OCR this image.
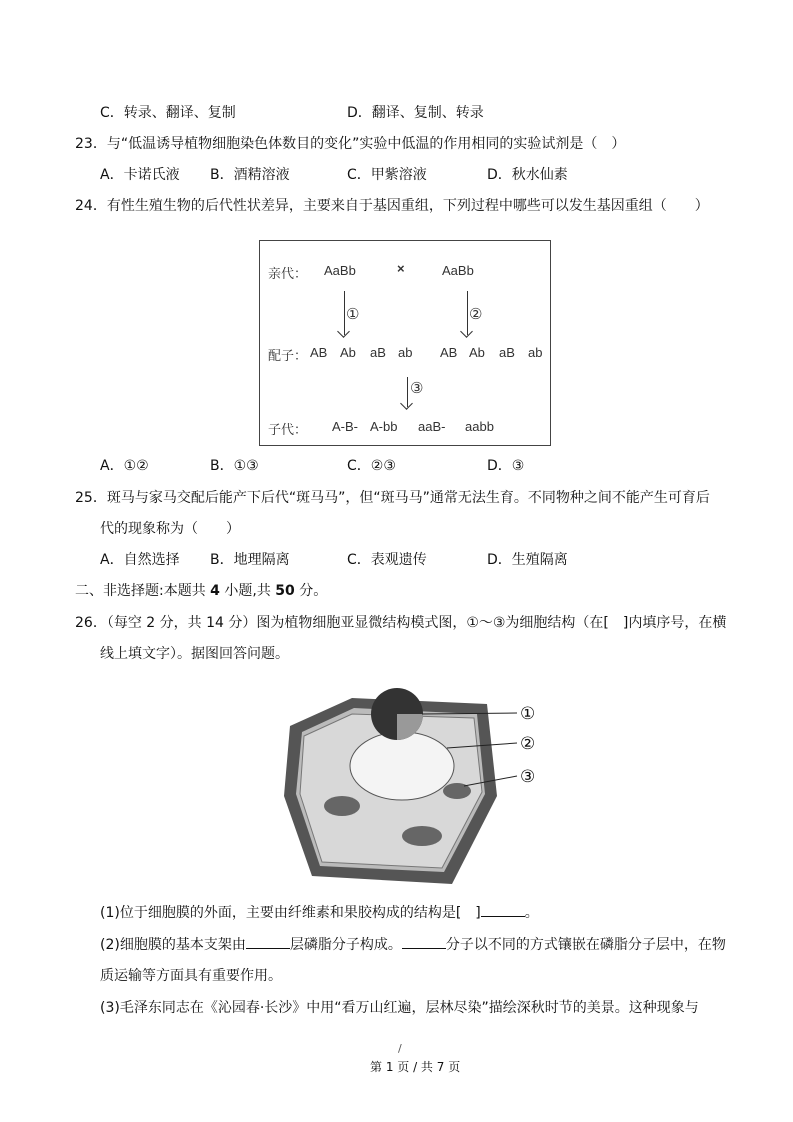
C．转录、翻译、复制	D．翻译、复制、转录
23．与“低温诱导植物细胞染色体数目的变化”实验中低温的作用相同的实验试剂是（　）
A．卡诺氏液 B．酒精溶液	C．甲紫溶液	D．秋水仙素
24．有性生殖生物的后代性状差异，主要来自于基因重组，下列过程中哪些可以发生基因重组（　　）
亲代： AaBb	×	AaBb
①	②
配子： AB Ab aB ab AB Ab aB ab
③
子代： A-B- A-bb aaB- aabb
A．①②	B．①③	C．②③	D．③
25．斑马与家马交配后能产下后代“斑马马”，但“斑马马”通常无法生育。不同物种之间不能产生可育后
代的现象称为（　　）
A．自然选择 B．地理隔离	C．表观遗传	D．生殖隔离
二、非选择题:本题共 4 小题,共 50 分。
26．（每空 2 分，共 14 分）图为植物细胞亚显微结构模式图，①～③为细胞结构（在[　]内填序号，在横
线上填文字）。据图回答问题。
①
②
③
(1)位于细胞膜的外面，主要由纤维素和果胶构成的结构是[　]	。
(2)细胞膜的基本支架由	层磷脂分子构成。	分子以不同的方式镶嵌在磷脂分子层中，在物
质运输等方面具有重要作用。
(3)毛泽东同志在《沁园春·长沙》中用“看万山红遍，层林尽染”描绘深秋时节的美景。这种现象与
/
第 1 页 / 共 7 页
